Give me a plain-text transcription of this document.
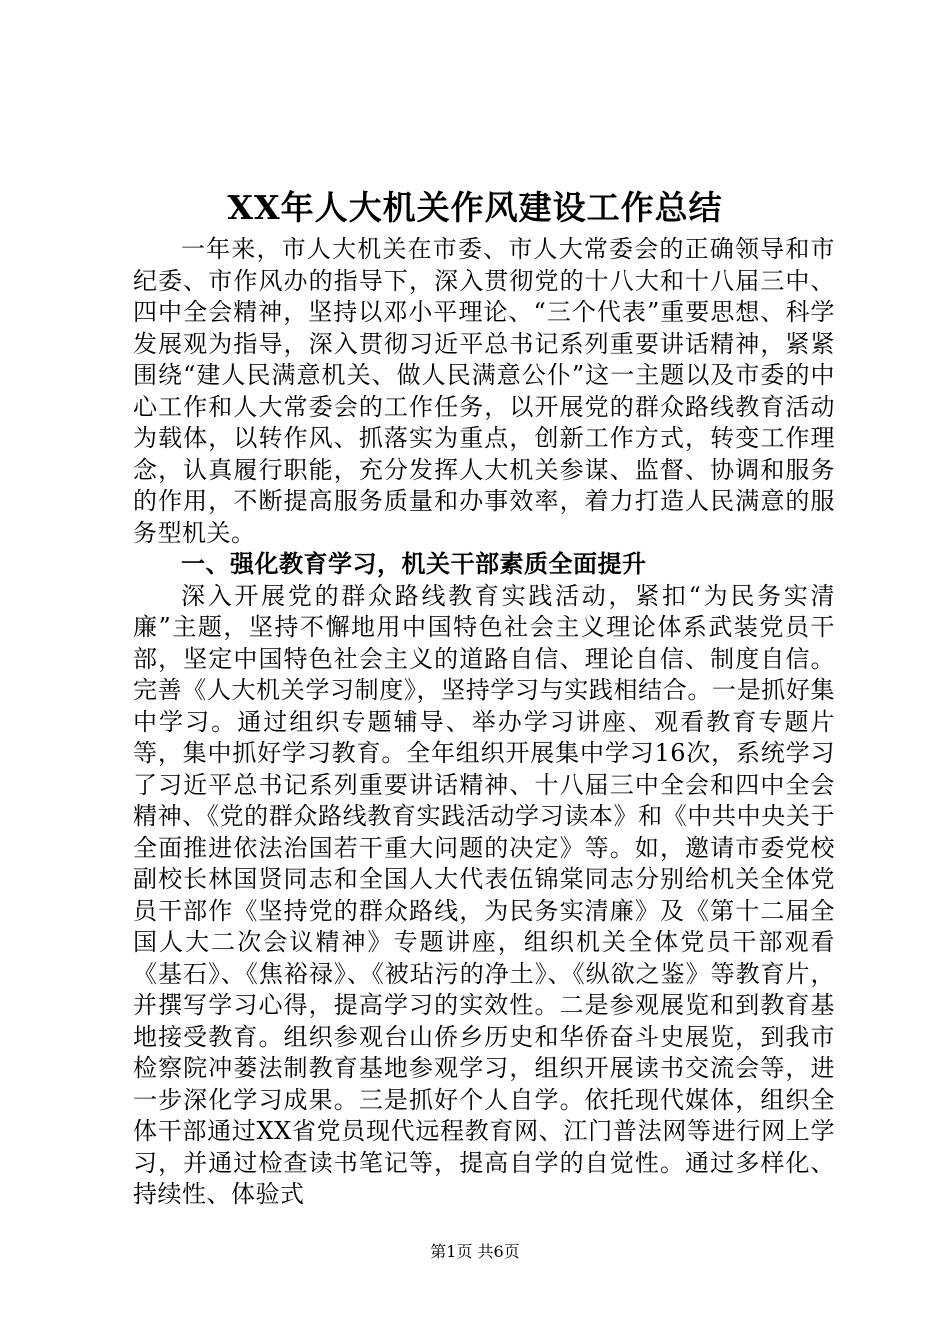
XX年人大机关作风建设工作总结

一年来，市人大机关在市委、市人大常委会的正确领导和市纪委、市作风办的指导下，深入贯彻党的十八大和十八届三中、四中全会精神，坚持以邓小平理论、“三个代表”重要思想、科学发展观为指导，深入贯彻习近平总书记系列重要讲话精神，紧紧围绕“建人民满意机关、做人民满意公仆”这一主题以及市委的中心工作和人大常委会的工作任务，以开展党的群众路线教育活动为载体，以转作风、抓落实为重点，创新工作方式，转变工作理念，认真履行职能，充分发挥人大机关参谋、监督、协调和服务的作用，不断提高服务质量和办事效率，着力打造人民满意的服务型机关。

一、强化教育学习，机关干部素质全面提升

深入开展党的群众路线教育实践活动，紧扣“为民务实清廉”主题，坚持不懈地用中国特色社会主义理论体系武装党员干部，坚定中国特色社会主义的道路自信、理论自信、制度自信。完善《人大机关学习制度》，坚持学习与实践相结合。一是抓好集中学习。通过组织专题辅导、举办学习讲座、观看教育专题片等，集中抓好学习教育。全年组织开展集中学习16次，系统学习了习近平总书记系列重要讲话精神、十八届三中全会和四中全会精神、《党的群众路线教育实践活动学习读本》和《中共中央关于全面推进依法治国若干重大问题的决定》等。如，邀请市委党校副校长林国贤同志和全国人大代表伍锦棠同志分别给机关全体党员干部作《坚持党的群众路线，为民务实清廉》及《第十二届全国人大二次会议精神》专题讲座，组织机关全体党员干部观看《基石》、《焦裕禄》、《被玷污的净土》、《纵欲之鉴》等教育片，并撰写学习心得，提高学习的实效性。二是参观展览和到教育基地接受教育。组织参观台山侨乡历史和华侨奋斗史展览，到我市检察院冲蒌法制教育基地参观学习，组织开展读书交流会等，进一步深化学习成果。三是抓好个人自学。依托现代媒体，组织全体干部通过XX省党员现代远程教育网、江门普法网等进行网上学习，并通过检查读书笔记等，提高自学的自觉性。通过多样化、持续性、体验式

第1页 共6页
